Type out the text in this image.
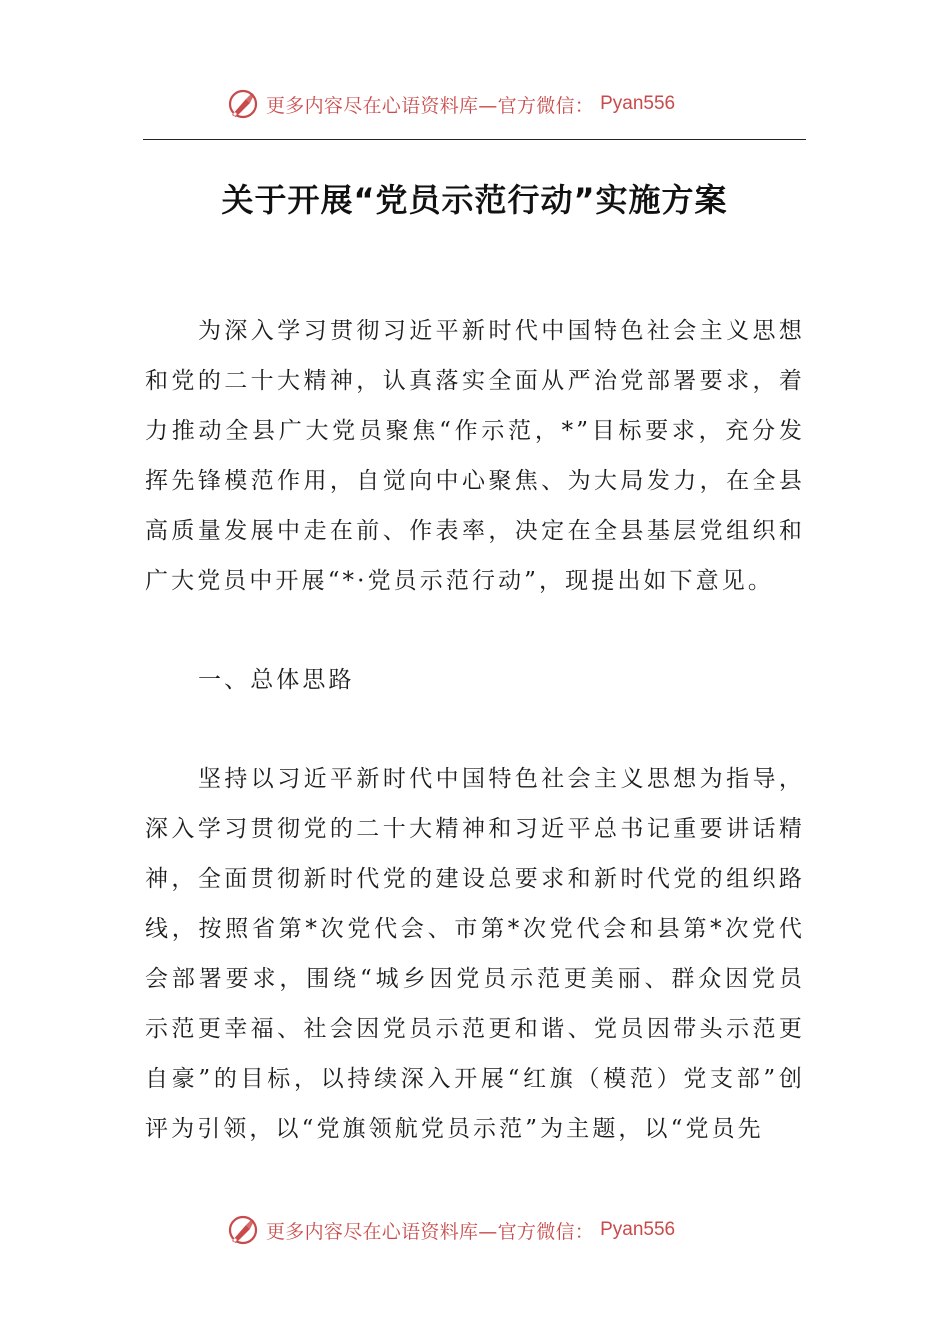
更多内容尽在心语资料库—官方微信： Pyan556
关于开展“党员示范行动”实施方案
为深入学习贯彻习近平新时代中国特色社会主义思想和党的二十大精神，认真落实全面从严治党部署要求，着力推动全县广大党员聚焦“作示范，*”目标要求，充分发挥先锋模范作用，自觉向中心聚焦、为大局发力，在全县高质量发展中走在前、作表率，决定在全县基层党组织和广大党员中开展“*·党员示范行动”，现提出如下意见。
一、总体思路
坚持以习近平新时代中国特色社会主义思想为指导，深入学习贯彻党的二十大精神和习近平总书记重要讲话精神，全面贯彻新时代党的建设总要求和新时代党的组织路线，按照省第*次党代会、市第*次党代会和县第*次党代会部署要求，围绕“城乡因党员示范更美丽、群众因党员示范更幸福、社会因党员示范更和谐、党员因带头示范更自豪”的目标，以持续深入开展“红旗（模范）党支部”创评为引领，以“党旗领航党员示范”为主题，以“党员先
更多内容尽在心语资料库—官方微信： Pyan556
